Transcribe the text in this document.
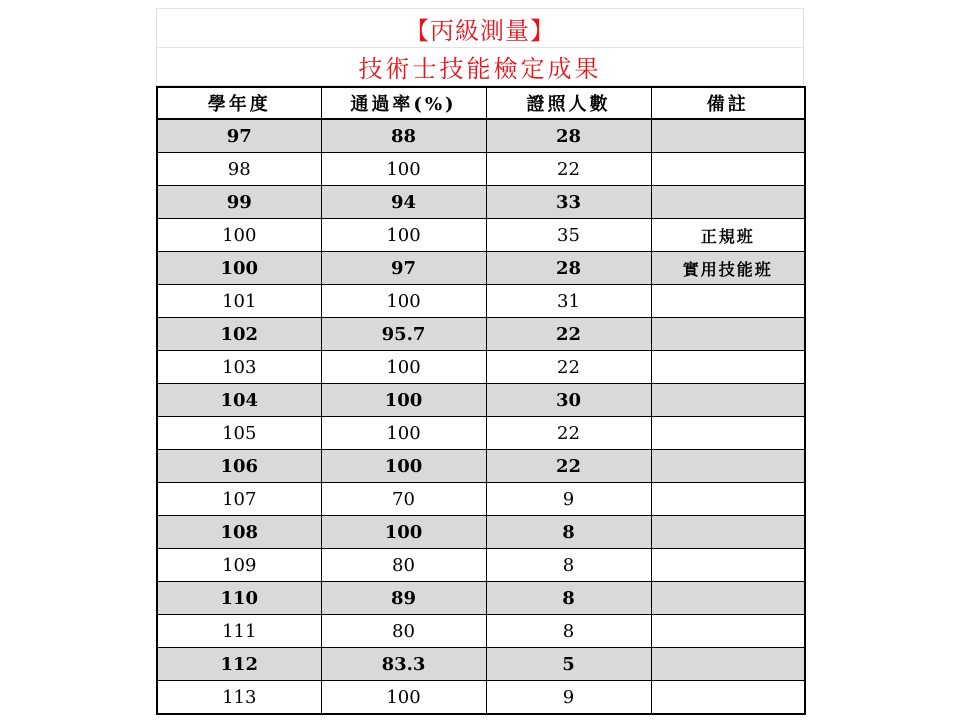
【丙級測量】
技術士技能檢定成果
學年度	通過率(%)	證照人數	備註
97	88	28	
98	100	22	
99	94	33	
100	100	35	正規班
100	97	28	實用技能班
101	100	31	
102	95.7	22	
103	100	22	
104	100	30	
105	100	22	
106	100	22	
107	70	9	
108	100	8	
109	80	8	
110	89	8	
111	80	8	
112	83.3	5	
113	100	9	
